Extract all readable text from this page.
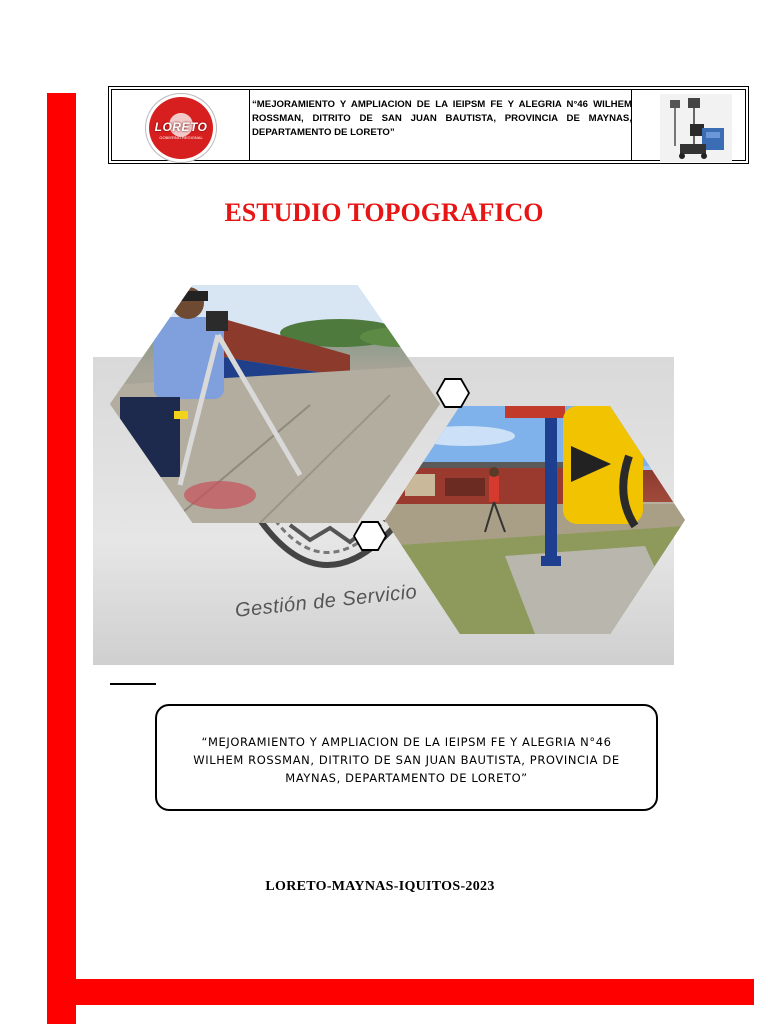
LORETO
GOBIERNO REGIONAL
“MEJORAMIENTO Y AMPLIACION DE LA IEIPSM FE Y ALEGRIA N°46 WILHEM ROSSMAN, DITRITO DE SAN JUAN BAUTISTA, PROVINCIA DE MAYNAS, DEPARTAMENTO DE LORETO”
ESTUDIO TOPOGRAFICO
Gestión de Servicio
“MEJORAMIENTO Y AMPLIACION DE LA IEIPSM FE Y ALEGRIA N°46 WILHEM ROSSMAN, DITRITO DE SAN JUAN BAUTISTA, PROVINCIA DE MAYNAS, DEPARTAMENTO DE LORETO”
LORETO-MAYNAS-IQUITOS-2023
